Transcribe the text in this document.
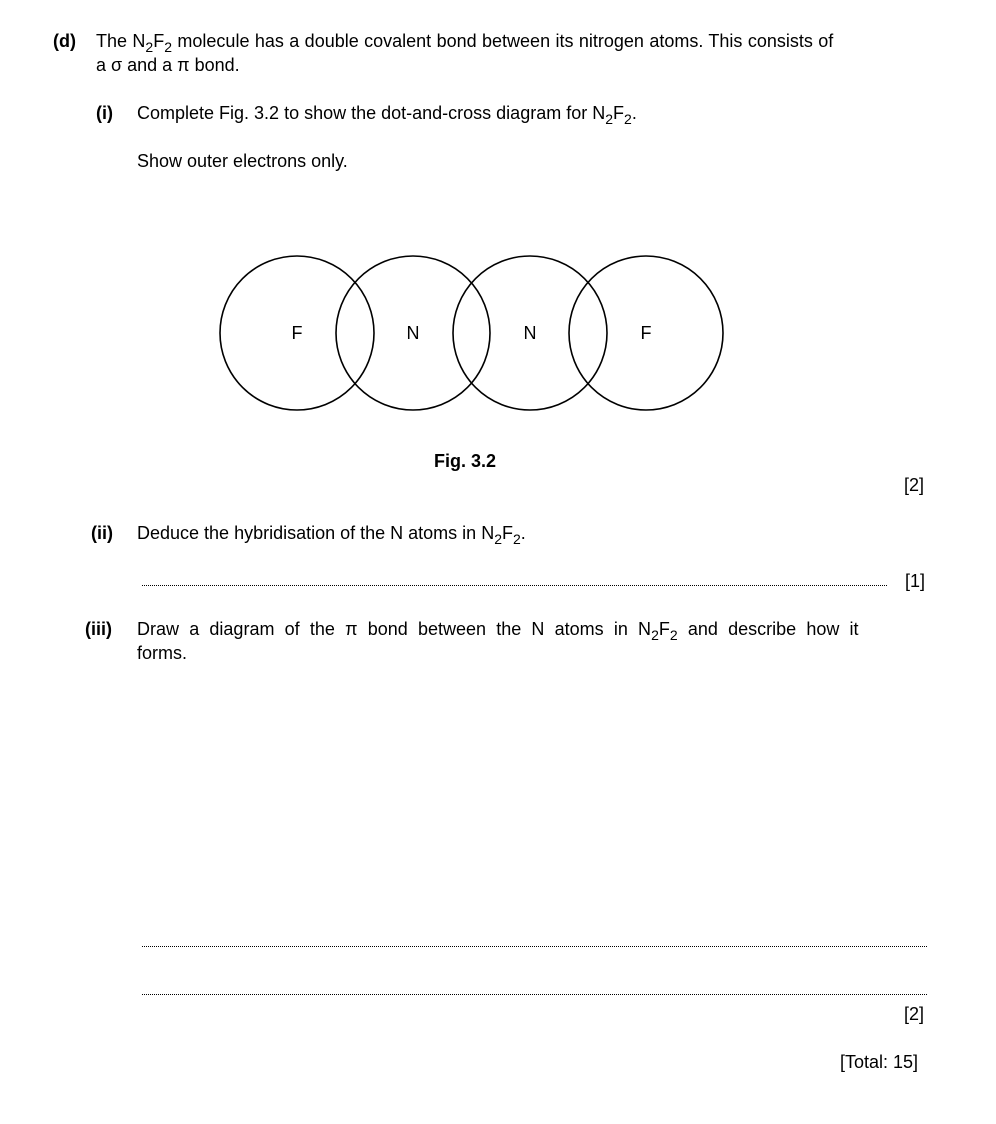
(d) The $N_2F_2$ molecule has a double covalent bond between its nitrogen atoms. This consists of
a σ and a π bond.
(i) Complete Fig. 3.2 to show the dot-and-cross diagram for $N_2F_2$.
Show outer electrons only.
F	N	N	F
Fig. 3.2
[2]
(ii) Deduce the hybridisation of the N atoms in $N_2F_2$.
[1]
(iii) Draw a diagram of the π bond between the N atoms in $N_2F_2$ and describe how it
forms.
[2]
[Total: 15]
